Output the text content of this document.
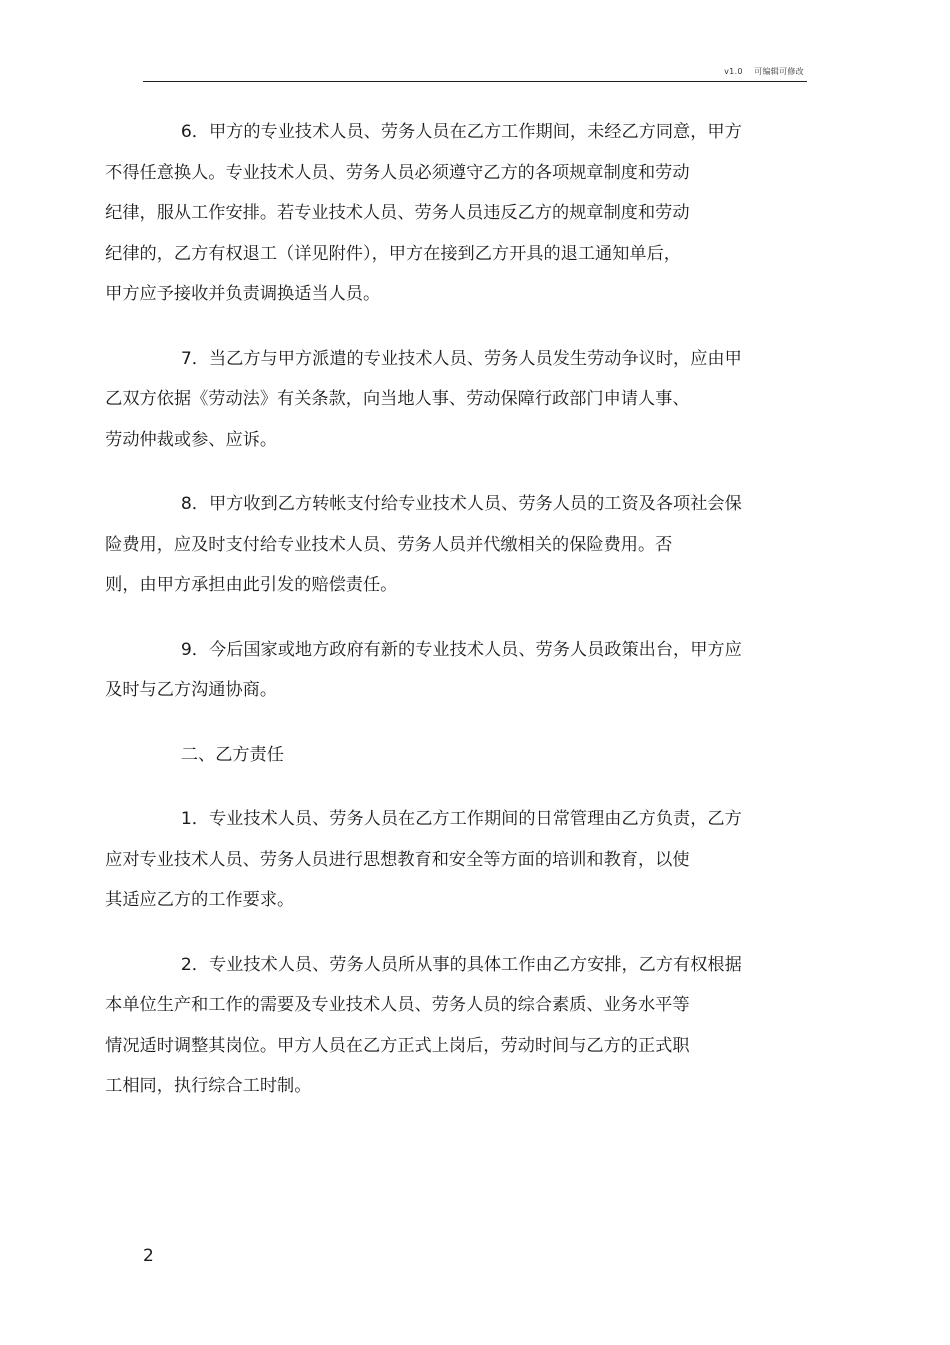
v1.0 可编辑可修改

6．甲方的专业技术人员、劳务人员在乙方工作期间，未经乙方同意，甲方
不得任意换人。专业技术人员、劳务人员必须遵守乙方的各项规章制度和劳动
纪律，服从工作安排。若专业技术人员、劳务人员违反乙方的规章制度和劳动
纪律的，乙方有权退工（详见附件），甲方在接到乙方开具的退工通知单后，
甲方应予接收并负责调换适当人员。

7．当乙方与甲方派遣的专业技术人员、劳务人员发生劳动争议时，应由甲
乙双方依据《劳动法》有关条款，向当地人事、劳动保障行政部门申请人事、
劳动仲裁或参、应诉。

8．甲方收到乙方转帐支付给专业技术人员、劳务人员的工资及各项社会保
险费用，应及时支付给专业技术人员、劳务人员并代缴相关的保险费用。否
则，由甲方承担由此引发的赔偿责任。

9．今后国家或地方政府有新的专业技术人员、劳务人员政策出台，甲方应
及时与乙方沟通协商。

二、乙方责任

1．专业技术人员、劳务人员在乙方工作期间的日常管理由乙方负责，乙方
应对专业技术人员、劳务人员进行思想教育和安全等方面的培训和教育，以使
其适应乙方的工作要求。

2．专业技术人员、劳务人员所从事的具体工作由乙方安排，乙方有权根据
本单位生产和工作的需要及专业技术人员、劳务人员的综合素质、业务水平等
情况适时调整其岗位。甲方人员在乙方正式上岗后，劳动时间与乙方的正式职
工相同，执行综合工时制。

2
